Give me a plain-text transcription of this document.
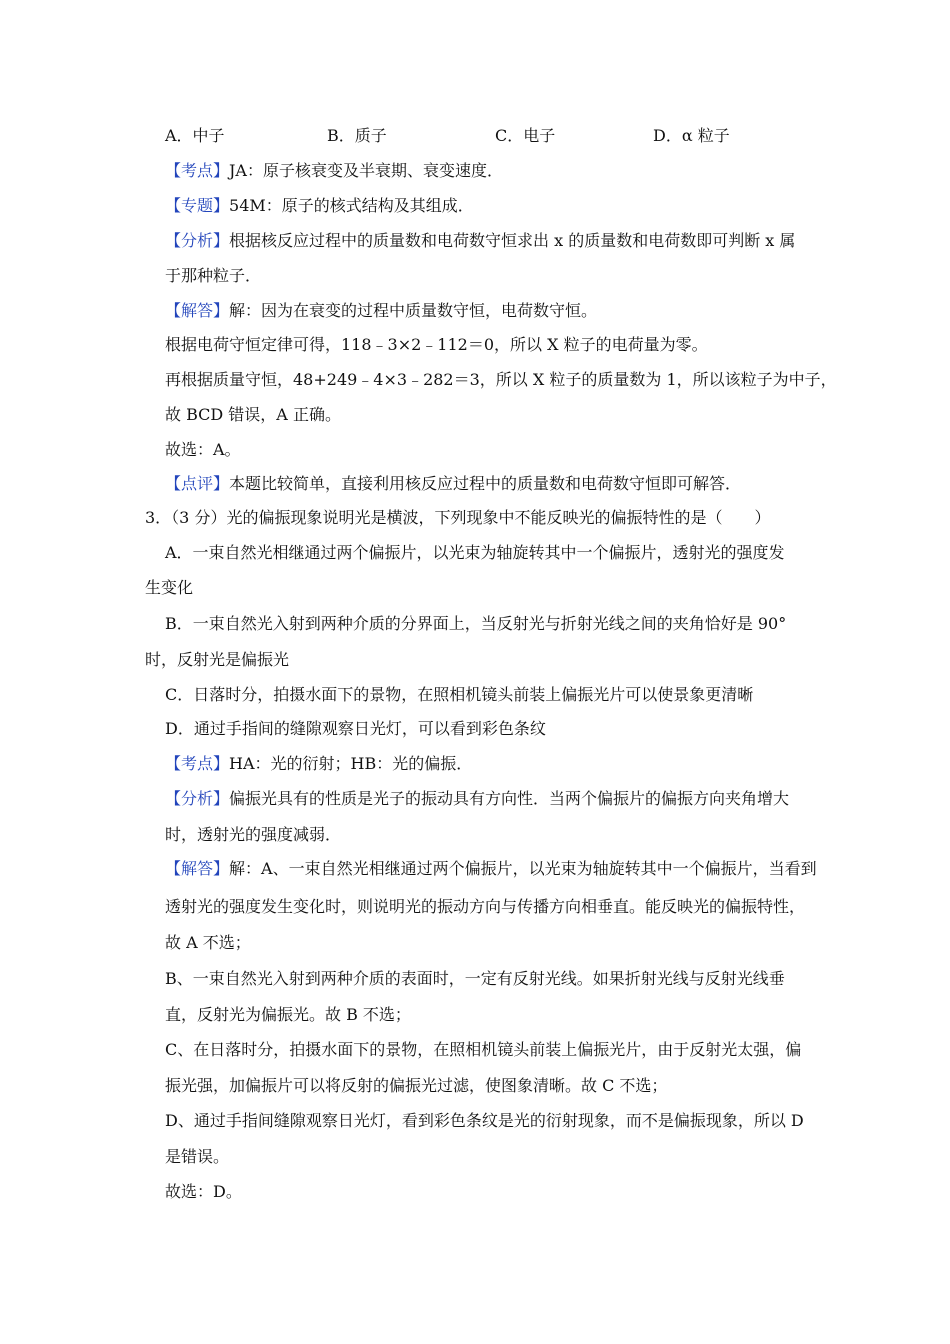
A．中子	B．质子	C．电子	D．α 粒子
【考点】JA：原子核衰变及半衰期、衰变速度．
【专题】54M：原子的核式结构及其组成．
【分析】根据核反应过程中的质量数和电荷数守恒求出 x 的质量数和电荷数即可判断 x 属
于那种粒子．
【解答】解：因为在衰变的过程中质量数守恒，电荷数守恒。
根据电荷守恒定律可得，118﹣3×2﹣112＝0，所以 X 粒子的电荷量为零。
再根据质量守恒，48+249﹣4×3﹣282＝3，所以 X 粒子的质量数为 1，所以该粒子为中子，
故 BCD 错误，A 正确。
故选：A。
【点评】本题比较简单，直接利用核反应过程中的质量数和电荷数守恒即可解答．
3．（3 分）光的偏振现象说明光是横波，下列现象中不能反映光的偏振特性的是（　　）
A．一束自然光相继通过两个偏振片，以光束为轴旋转其中一个偏振片，透射光的强度发
生变化
B．一束自然光入射到两种介质的分界面上，当反射光与折射光线之间的夹角恰好是 90°
时，反射光是偏振光
C．日落时分，拍摄水面下的景物，在照相机镜头前装上偏振光片可以使景象更清晰
D．通过手指间的缝隙观察日光灯，可以看到彩色条纹
【考点】HA：光的衍射；HB：光的偏振．
【分析】偏振光具有的性质是光子的振动具有方向性．当两个偏振片的偏振方向夹角增大
时，透射光的强度减弱．
【解答】解：A、一束自然光相继通过两个偏振片，以光束为轴旋转其中一个偏振片，当看到
透射光的强度发生变化时，则说明光的振动方向与传播方向相垂直。能反映光的偏振特性，
故 A 不选；
B、一束自然光入射到两种介质的表面时，一定有反射光线。如果折射光线与反射光线垂
直，反射光为偏振光。故 B 不选；
C、在日落时分，拍摄水面下的景物，在照相机镜头前装上偏振光片，由于反射光太强，偏
振光强，加偏振片可以将反射的偏振光过滤，使图象清晰。故 C 不选；
D、通过手指间缝隙观察日光灯，看到彩色条纹是光的衍射现象，而不是偏振现象，所以 D
是错误。
故选：D。
